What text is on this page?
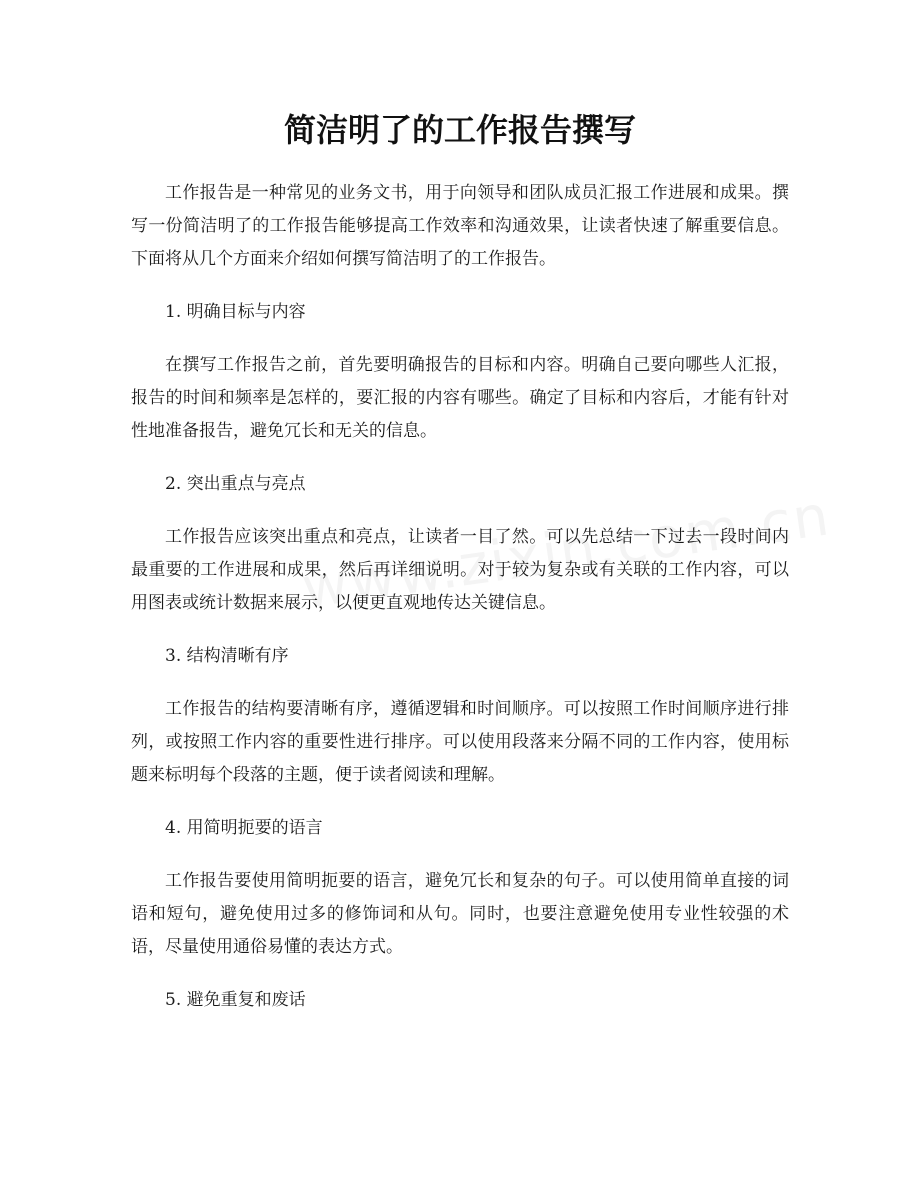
简洁明了的工作报告撰写

工作报告是一种常见的业务文书，用于向领导和团队成员汇报工作进展和成果。撰写一份简洁明了的工作报告能够提高工作效率和沟通效果，让读者快速了解重要信息。下面将从几个方面来介绍如何撰写简洁明了的工作报告。

1. 明确目标与内容

在撰写工作报告之前，首先要明确报告的目标和内容。明确自己要向哪些人汇报，报告的时间和频率是怎样的，要汇报的内容有哪些。确定了目标和内容后，才能有针对性地准备报告，避免冗长和无关的信息。

2. 突出重点与亮点

工作报告应该突出重点和亮点，让读者一目了然。可以先总结一下过去一段时间内最重要的工作进展和成果，然后再详细说明。对于较为复杂或有关联的工作内容，可以用图表或统计数据来展示，以便更直观地传达关键信息。

3. 结构清晰有序

工作报告的结构要清晰有序，遵循逻辑和时间顺序。可以按照工作时间顺序进行排列，或按照工作内容的重要性进行排序。可以使用段落来分隔不同的工作内容，使用标题来标明每个段落的主题，便于读者阅读和理解。

4. 用简明扼要的语言

工作报告要使用简明扼要的语言，避免冗长和复杂的句子。可以使用简单直接的词语和短句，避免使用过多的修饰词和从句。同时，也要注意避免使用专业性较强的术语，尽量使用通俗易懂的表达方式。

5. 避免重复和废话
